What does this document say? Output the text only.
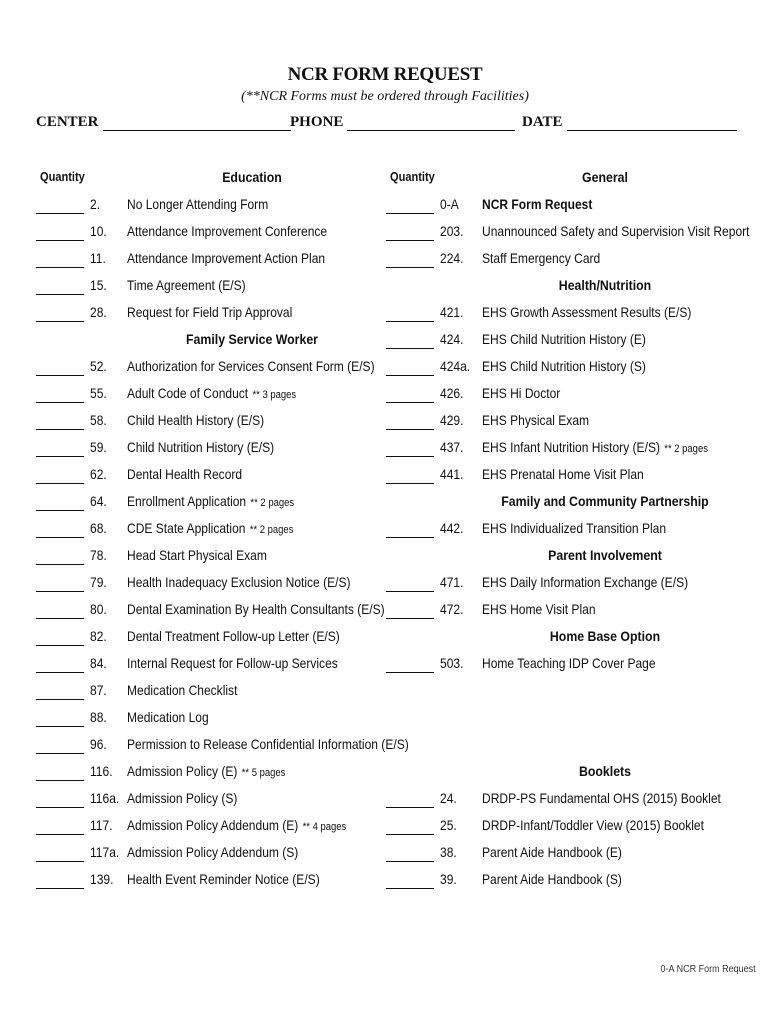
NCR FORM REQUEST
(**NCR Forms must be ordered through Facilities)
CENTER	PHONE	DATE
Quantity	Quantity
Education
2. No Longer Attending Form
10. Attendance Improvement Conference
11. Attendance Improvement Action Plan
15. Time Agreement (E/S)
28. Request for Field Trip Approval
Family Service Worker
52. Authorization for Services Consent Form (E/S)
55. Adult Code of Conduct ** 3 pages
58. Child Health History (E/S)
59. Child Nutrition History (E/S)
62. Dental Health Record
64. Enrollment Application ** 2 pages
68. CDE State Application ** 2 pages
78. Head Start Physical Exam
79. Health Inadequacy Exclusion Notice (E/S)
80. Dental Examination By Health Consultants (E/S)
82. Dental Treatment Follow-up Letter (E/S)
84. Internal Request for Follow-up Services
87. Medication Checklist
88. Medication Log
96. Permission to Release Confidential Information (E/S)
116. Admission Policy (E) ** 5 pages
116a. Admission Policy (S)
117. Admission Policy Addendum (E) ** 4 pages
117a. Admission Policy Addendum (S)
139. Health Event Reminder Notice (E/S)
General
0-A NCR Form Request
203. Unannounced Safety and Supervision Visit Report
224. Staff Emergency Card
Health/Nutrition
421. EHS Growth Assessment Results (E/S)
424. EHS Child Nutrition History (E)
424a. EHS Child Nutrition History (S)
426. EHS Hi Doctor
429. EHS Physical Exam
437. EHS Infant Nutrition History (E/S) ** 2 pages
441. EHS Prenatal Home Visit Plan
Family and Community Partnership
442. EHS Individualized Transition Plan
Parent Involvement
471. EHS Daily Information Exchange (E/S)
472. EHS Home Visit Plan
Home Base Option
503. Home Teaching IDP Cover Page
Booklets
24. DRDP-PS Fundamental OHS (2015) Booklet
25. DRDP-Infant/Toddler View (2015) Booklet
38. Parent Aide Handbook (E)
39. Parent Aide Handbook (S)
0-A NCR Form Request
